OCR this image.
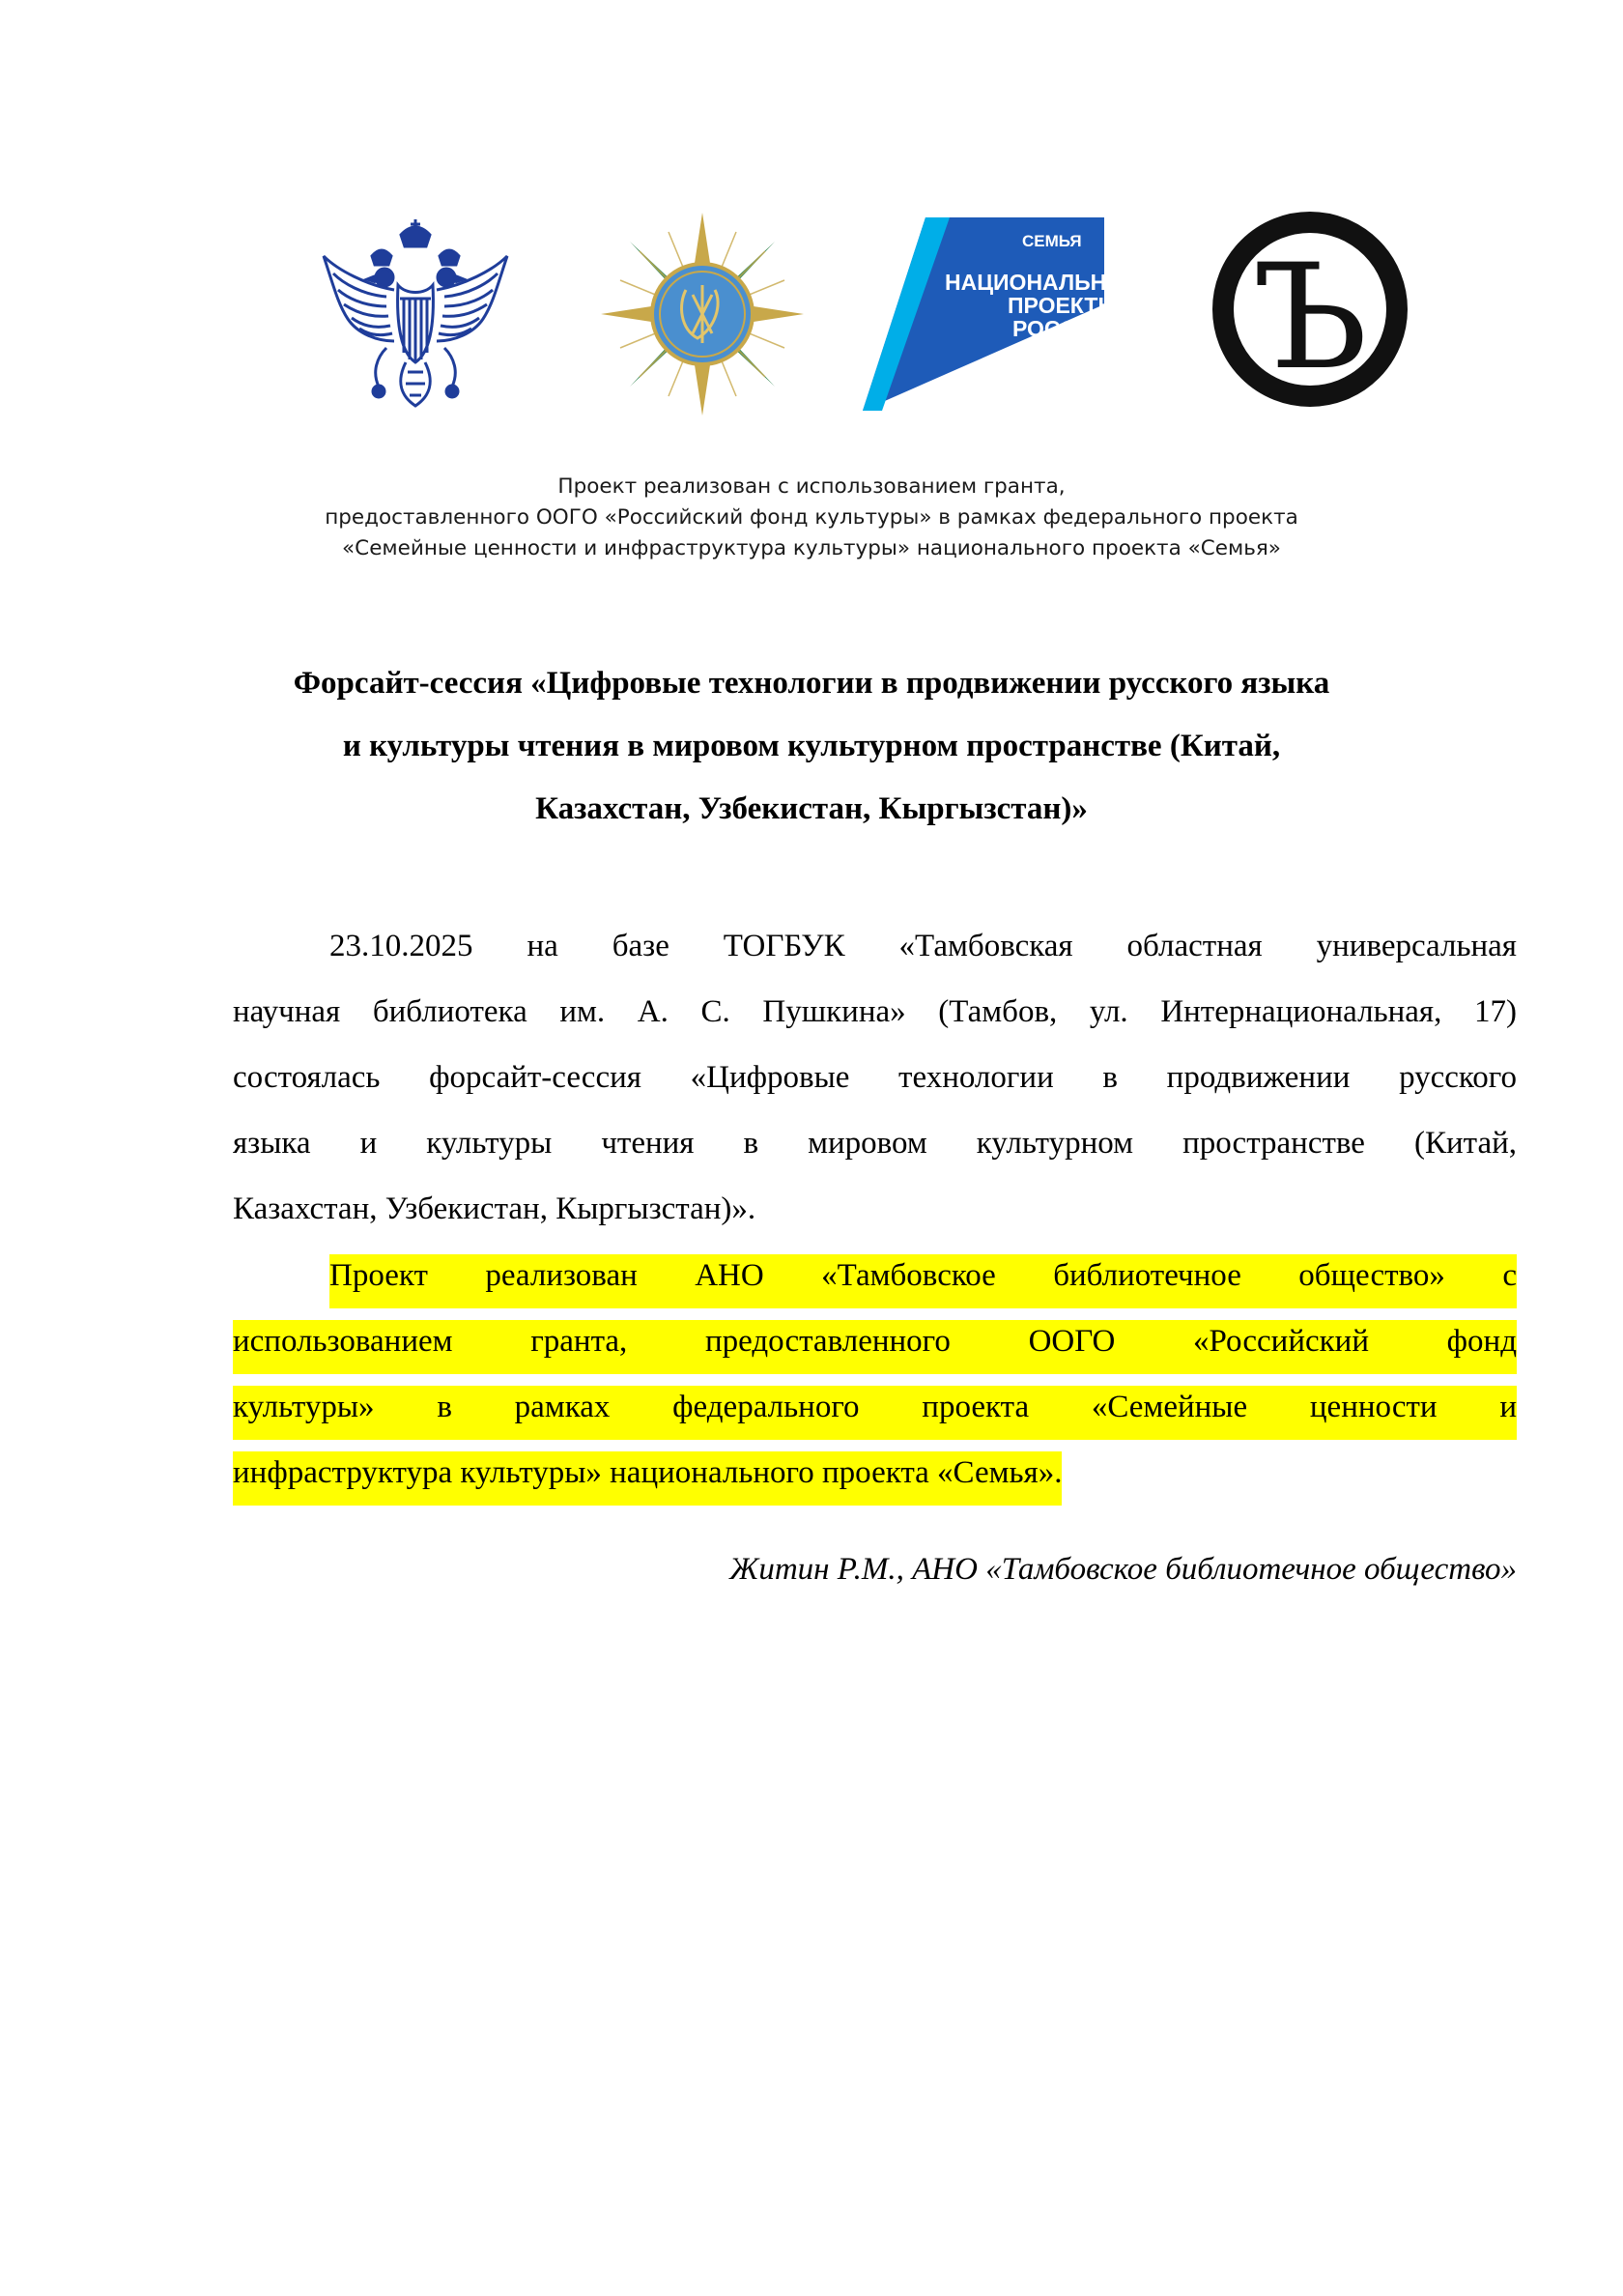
СЕМЬЯ
НАЦИОНАЛЬНЫЕ
ПРОЕКТЫ
РОССИИ Ъ
Проект реализован с использованием гранта,
предоставленного ООГО «Российский фонд культуры» в рамках федерального проекта
«Семейные ценности и инфраструктура культуры» национального проекта «Семья»
Форсайт-сессия «Цифровые технологии в продвижении русского языка
и культуры чтения в мировом культурном пространстве (Китай,
Казахстан, Узбекистан, Кыргызстан)»
23.10.2025 на базе ТОГБУК «Тамбовская областная универсальная
научная библиотека им. А. С. Пушкина» (Тамбов, ул. Интернациональная, 17)
состоялась форсайт-сессия «Цифровые технологии в продвижении русского
языка и культуры чтения в мировом культурном пространстве (Китай,
Казахстан, Узбекистан, Кыргызстан)».
Проект реализован АНО «Тамбовское библиотечное общество» с
использованием гранта, предоставленного ООГО «Российский фонд
культуры» в рамках федерального проекта «Семейные ценности и
инфраструктура культуры» национального проекта «Семья».
Житин Р.М., АНО «Тамбовское библиотечное общество»
